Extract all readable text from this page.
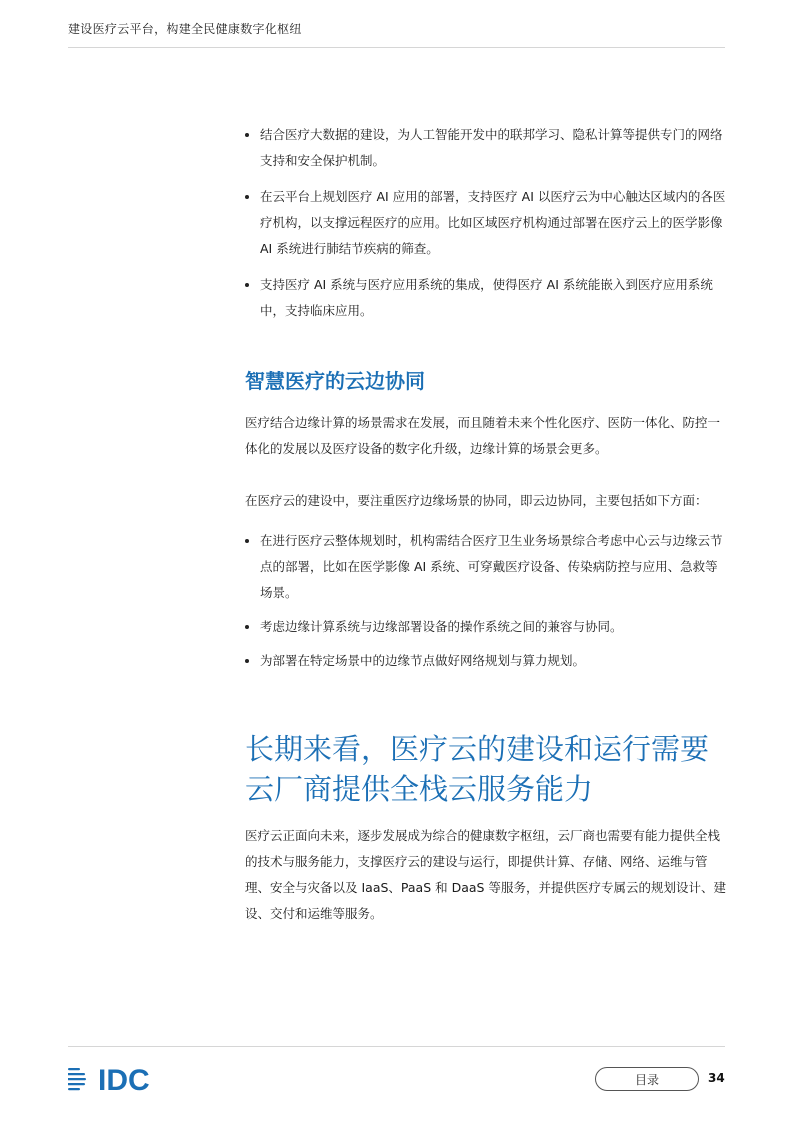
建设医疗云平台，构建全民健康数字化枢纽
结合医疗大数据的建设，为人工智能开发中的联邦学习、隐私计算等提供专门的网络支持和安全保护机制。
在云平台上规划医疗 AI 应用的部署，支持医疗 AI 以医疗云为中心触达区域内的各医疗机构，以支撑远程医疗的应用。比如区域医疗机构通过部署在医疗云上的医学影像 AI 系统进行肺结节疾病的筛查。
支持医疗 AI 系统与医疗应用系统的集成，使得医疗 AI 系统能嵌入到医疗应用系统中，支持临床应用。
智慧医疗的云边协同

医疗结合边缘计算的场景需求在发展，而且随着未来个性化医疗、医防一体化、防控一体化的发展以及医疗设备的数字化升级，边缘计算的场景会更多。

在医疗云的建设中，要注重医疗边缘场景的协同，即云边协同，主要包括如下方面：

在进行医疗云整体规划时，机构需结合医疗卫生业务场景综合考虑中心云与边缘云节点的部署，比如在医学影像 AI 系统、可穿戴医疗设备、传染病防控与应用、急救等场景。
考虑边缘计算系统与边缘部署设备的操作系统之间的兼容与协同。
为部署在特定场景中的边缘节点做好网络规划与算力规划。
长期来看，医疗云的建设和运行需要云厂商提供全栈云服务能力

医疗云正面向未来，逐步发展成为综合的健康数字枢纽，云厂商也需要有能力提供全栈的技术与服务能力，支撑医疗云的建设与运行，即提供计算、存储、网络、运维与管理、安全与灾备以及 IaaS、PaaS 和 DaaS 等服务，并提供医疗专属云的规划设计、建设、交付和运维等服务。

IDC	目录	34
